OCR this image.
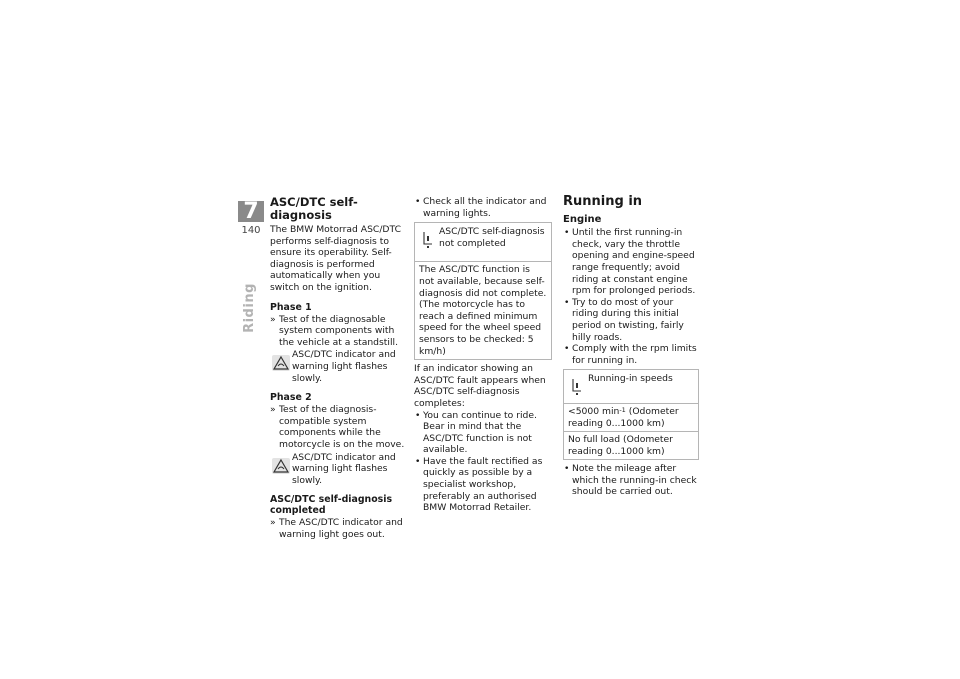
7
140
Riding
ASC/DTC self-
diagnosis

The BMW Motorrad ASC/DTC performs self-diagnosis to ensure its operability. Self-diagnosis is performed automatically when you switch on the ignition.

Phase 1
» Test of the diagnosable system components with the vehicle at a standstill.
ASC/DTC indicator and warning light flashes slowly.
Phase 2
» Test of the diagnosis-compatible system components while the motorcycle is on the move.
ASC/DTC indicator and warning light flashes slowly.
ASC/DTC self-diagnosis completed
» The ASC/DTC indicator and warning light goes out.
• Check all the indicator and warning lights.
ASC/DTC self-diagnosis not completed
The ASC/DTC function is not available, because self-diagnosis did not complete. (The motorcycle has to reach a defined minimum speed for the wheel speed sensors to be checked: 5 km/h)

If an indicator showing an ASC/DTC fault appears when ASC/DTC self-diagnosis completes:

• You can continue to ride. Bear in mind that the ASC/DTC function is not available.
• Have the fault rectified as quickly as possible by a specialist workshop, preferably an authorised BMW Motorrad Retailer.
Running in
Engine
• Until the first running-in check, vary the throttle opening and engine-speed range frequently; avoid riding at constant engine rpm for prolonged periods.
• Try to do most of your riding during this initial period on twisting, fairly hilly roads.
• Comply with the rpm limits for running in.
Running-in speeds
<5000 $\min^{-1}$ (Odometer reading 0...1000 km)
No full load (Odometer reading 0...1000 km)
• Note the mileage after which the running-in check should be carried out.
